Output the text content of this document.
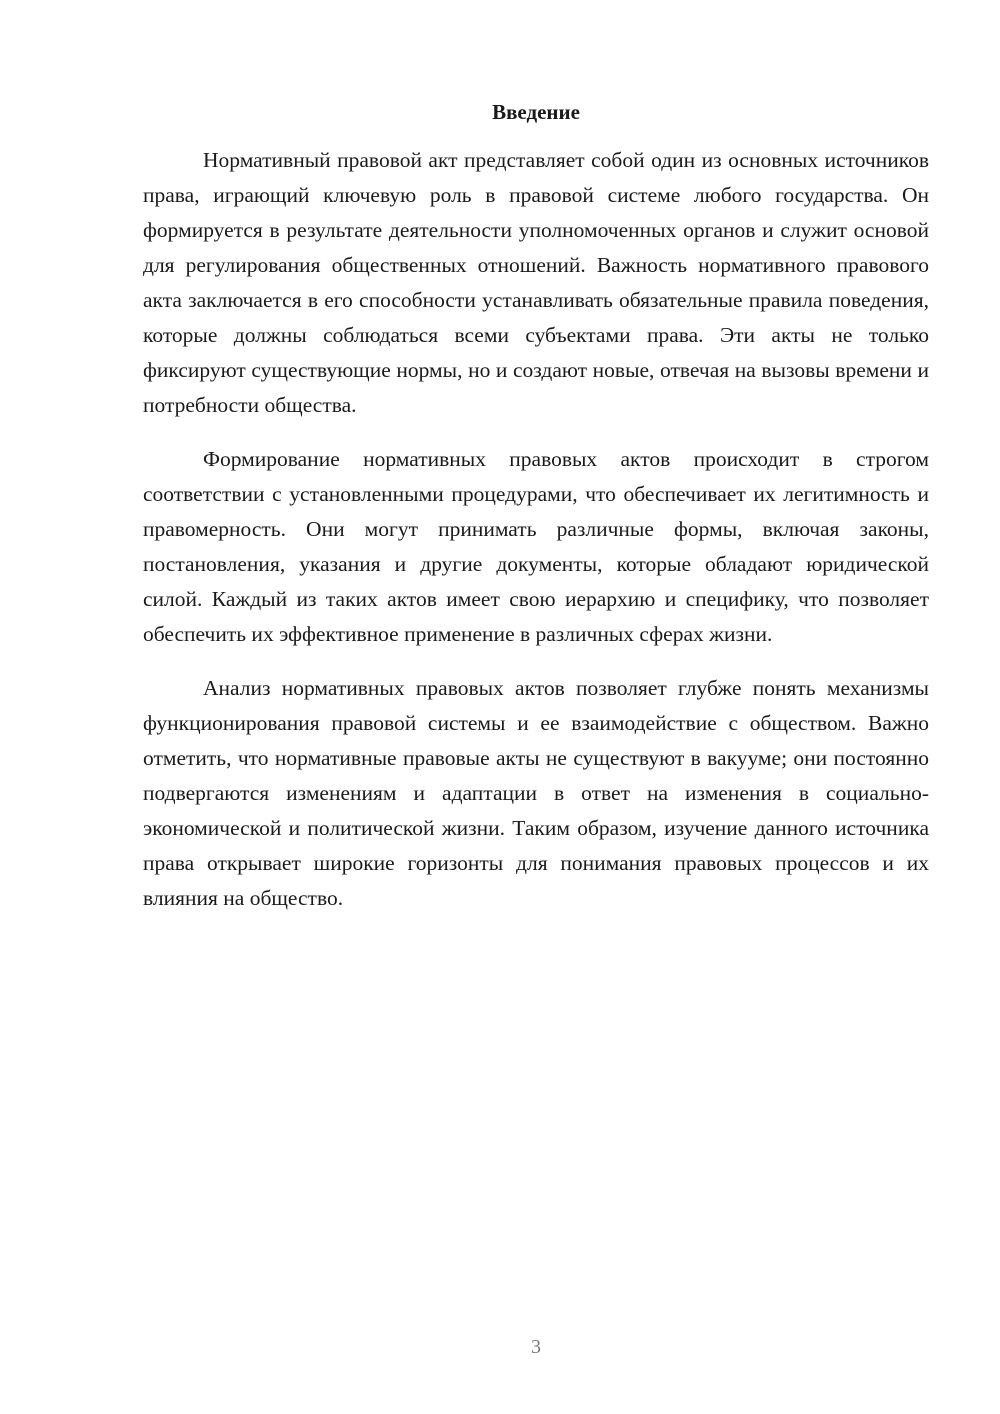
Введение

Нормативный правовой акт представляет собой один из основных источников права, играющий ключевую роль в правовой системе любого государства. Он формируется в результате деятельности уполномоченных органов и служит основой для регулирования общественных отношений. Важность нормативного правового акта заключается в его способности устанавливать обязательные правила поведения, которые должны соблюдаться всеми субъектами права. Эти акты не только фиксируют существующие нормы, но и создают новые, отвечая на вызовы времени и потребности общества.

Формирование нормативных правовых актов происходит в строгом соответствии с установленными процедурами, что обеспечивает их легитимность и правомерность. Они могут принимать различные формы, включая законы, постановления, указания и другие документы, которые обладают юридической силой. Каждый из таких актов имеет свою иерархию и специфику, что позволяет обеспечить их эффективное применение в различных сферах жизни.

Анализ нормативных правовых актов позволяет глубже понять механизмы функционирования правовой системы и ее взаимодействие с обществом. Важно отметить, что нормативные правовые акты не существуют в вакууме; они постоянно подвергаются изменениям и адаптации в ответ на изменения в социально-экономической и политической жизни. Таким образом, изучение данного источника права открывает широкие горизонты для понимания правовых процессов и их влияния на общество.

3
